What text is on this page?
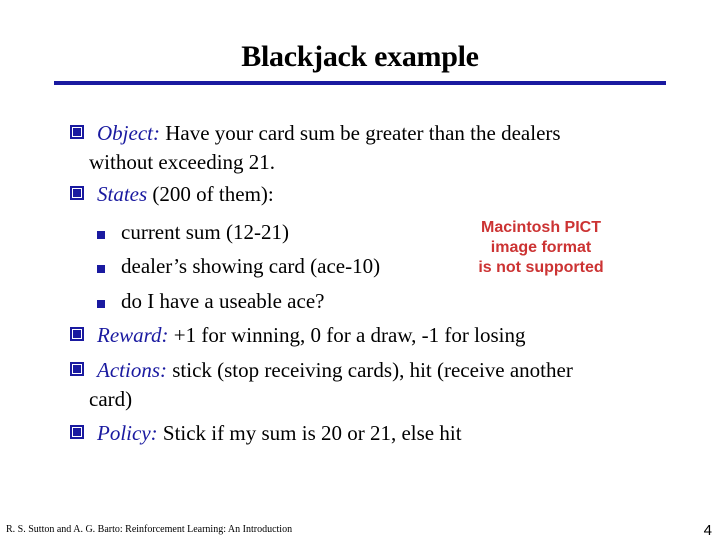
Blackjack example
Object: Have your card sum be greater than the dealers
without exceeding 21.
States (200 of them):
current sum (12-21)
dealer’s showing card (ace-10)
do I have a useable ace?
Reward: +1 for winning, 0 for a draw, -1 for losing
Actions: stick (stop receiving cards), hit (receive another
card)
Policy: Stick if my sum is 20 or 21, else hit
Macintosh PICT
image format
is not supported
R. S. Sutton and A. G. Barto: Reinforcement Learning: An Introduction	4
